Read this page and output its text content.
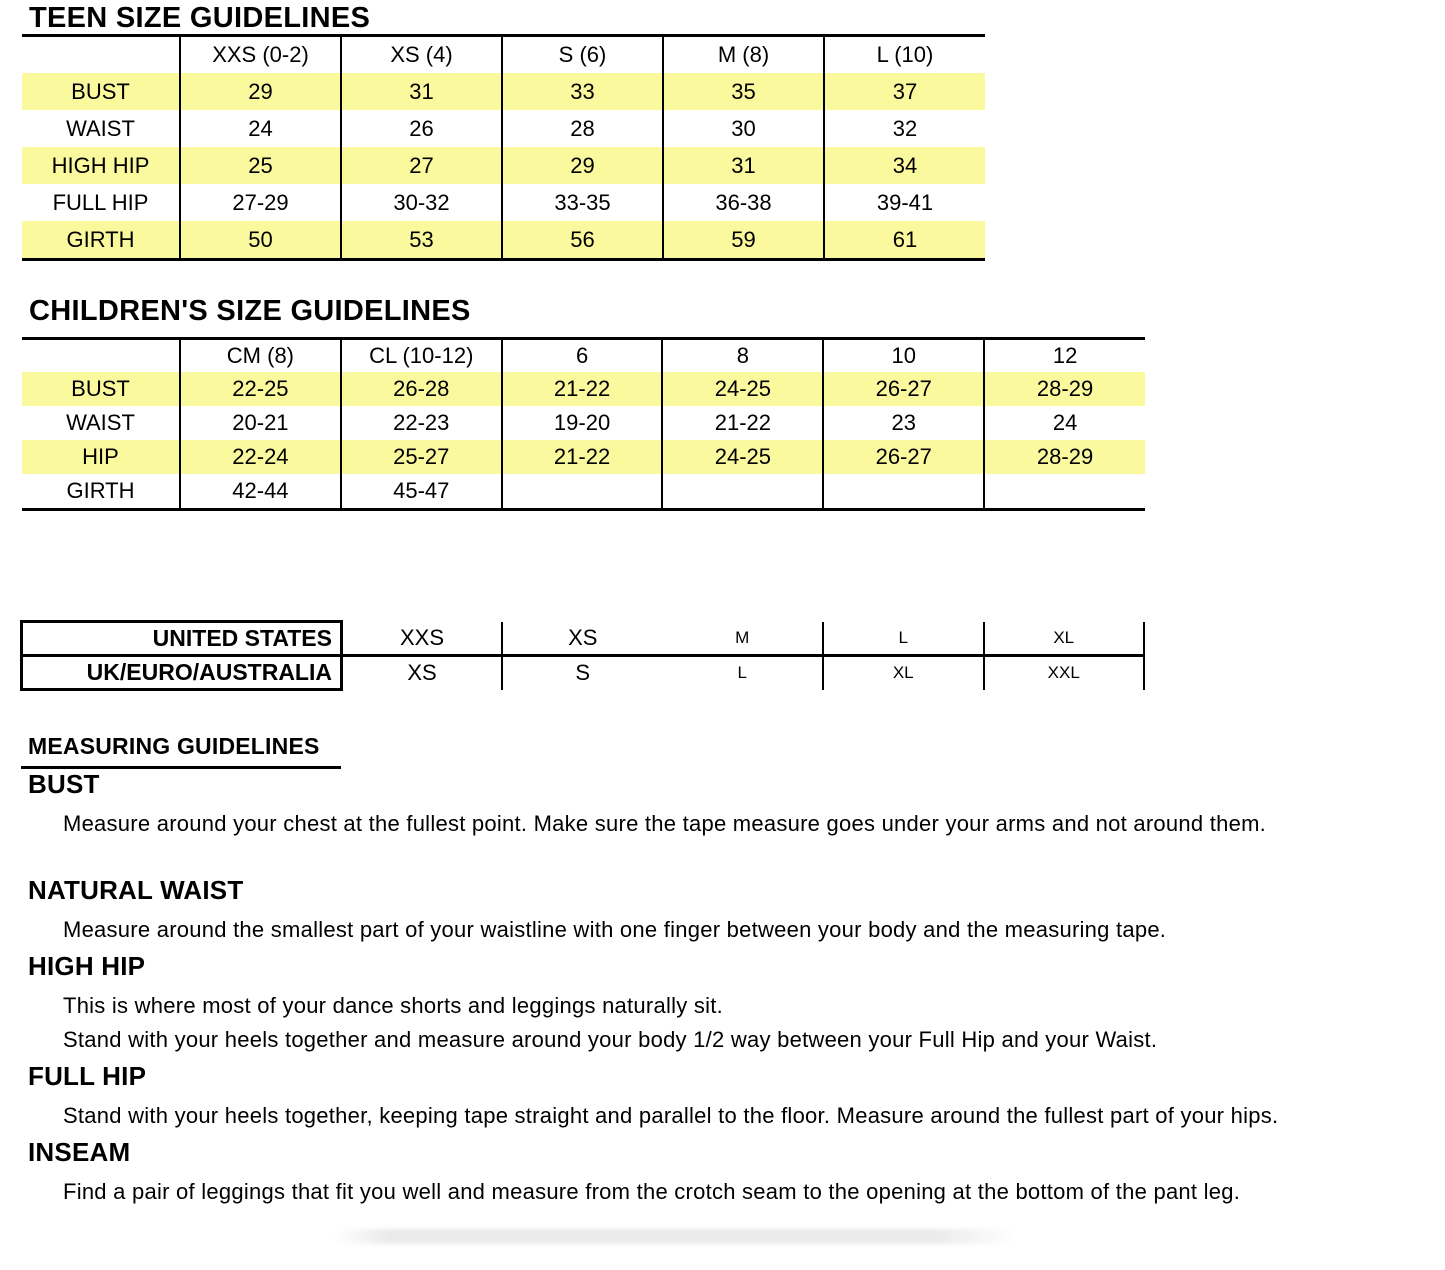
TEEN SIZE GUIDELINES
	XXS (0-2)	XS (4)	S (6)	M (8)	L (10)
BUST	29	31	33	35	37
WAIST	24	26	28	30	32
HIGH HIP	25	27	29	31	34
FULL HIP	27-29	30-32	33-35	36-38	39-41
GIRTH	50	53	56	59	61
CHILDREN'S SIZE GUIDELINES
	CM (8)	CL (10-12)	6	8	10	12
BUST	22-25	26-28	21-22	24-25	26-27	28-29
WAIST	20-21	22-23	19-20	21-22	23	24
HIP	22-24	25-27	21-22	24-25	26-27	28-29
GIRTH	42-44	45-47				
UNITED STATES	XXS	XS	M	L	XL
UK/EURO/AUSTRALIA	XS	S	L	XL	XXL
MEASURING GUIDELINES
BUST

Measure around your chest at the fullest point. Make sure the tape measure goes under your arms and not around them.

NATURAL WAIST

Measure around the smallest part of your waistline with one finger between your body and the measuring tape.

HIGH HIP

This is where most of your dance shorts and leggings naturally sit.

Stand with your heels together and measure around your body 1/2 way between your Full Hip and your Waist.

FULL HIP

Stand with your heels together, keeping tape straight and parallel to the floor. Measure around the fullest part of your hips.

INSEAM

Find a pair of leggings that fit you well and measure from the crotch seam to the opening at the bottom of the pant leg.
